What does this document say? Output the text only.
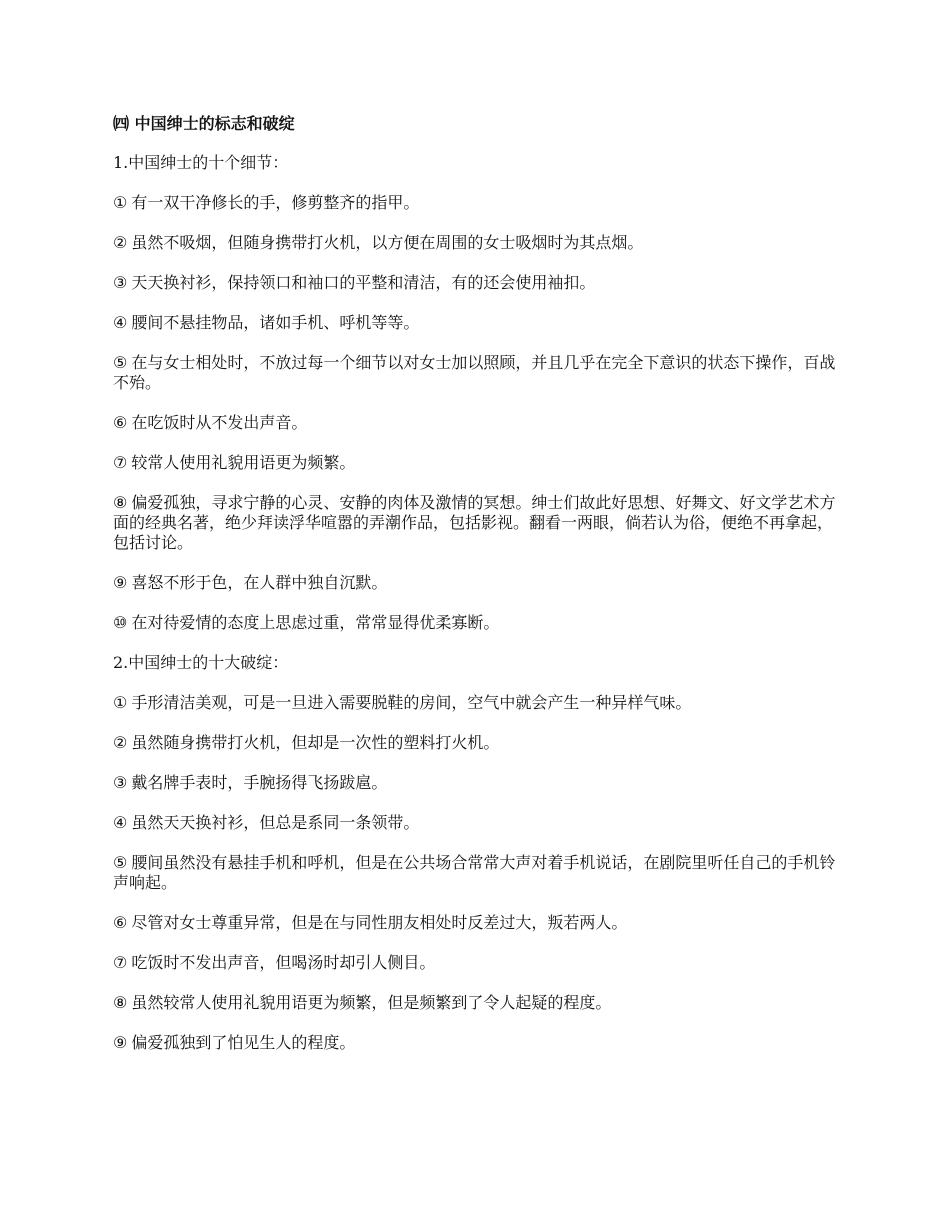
㈣ 中国绅士的标志和破绽
1.中国绅士的十个细节：
① 有一双干净修长的手，修剪整齐的指甲。
② 虽然不吸烟，但随身携带打火机，以方便在周围的女士吸烟时为其点烟。
③ 天天换衬衫，保持领口和袖口的平整和清洁，有的还会使用袖扣。
④ 腰间不悬挂物品，诸如手机、呼机等等。
⑤ 在与女士相处时，不放过每一个细节以对女士加以照顾，并且几乎在完全下意识的状态下操作，百战不殆。
⑥ 在吃饭时从不发出声音。
⑦ 较常人使用礼貌用语更为频繁。
⑧ 偏爱孤独，寻求宁静的心灵、安静的肉体及激情的冥想。绅士们故此好思想、好舞文、好文学艺术方面的经典名著，绝少拜读浮华喧嚣的弄潮作品，包括影视。翻看一两眼，倘若认为俗，便绝不再拿起，包括讨论。
⑨ 喜怒不形于色，在人群中独自沉默。
⑩ 在对待爱情的态度上思虑过重，常常显得优柔寡断。
2.中国绅士的十大破绽：
① 手形清洁美观，可是一旦进入需要脱鞋的房间，空气中就会产生一种异样气味。
② 虽然随身携带打火机，但却是一次性的塑料打火机。
③ 戴名牌手表时，手腕扬得飞扬跋扈。
④ 虽然天天换衬衫，但总是系同一条领带。
⑤ 腰间虽然没有悬挂手机和呼机，但是在公共场合常常大声对着手机说话，在剧院里听任自己的手机铃声响起。
⑥ 尽管对女士尊重异常，但是在与同性朋友相处时反差过大，叛若两人。
⑦ 吃饭时不发出声音，但喝汤时却引人侧目。
⑧ 虽然较常人使用礼貌用语更为频繁，但是频繁到了令人起疑的程度。
⑨ 偏爱孤独到了怕见生人的程度。
